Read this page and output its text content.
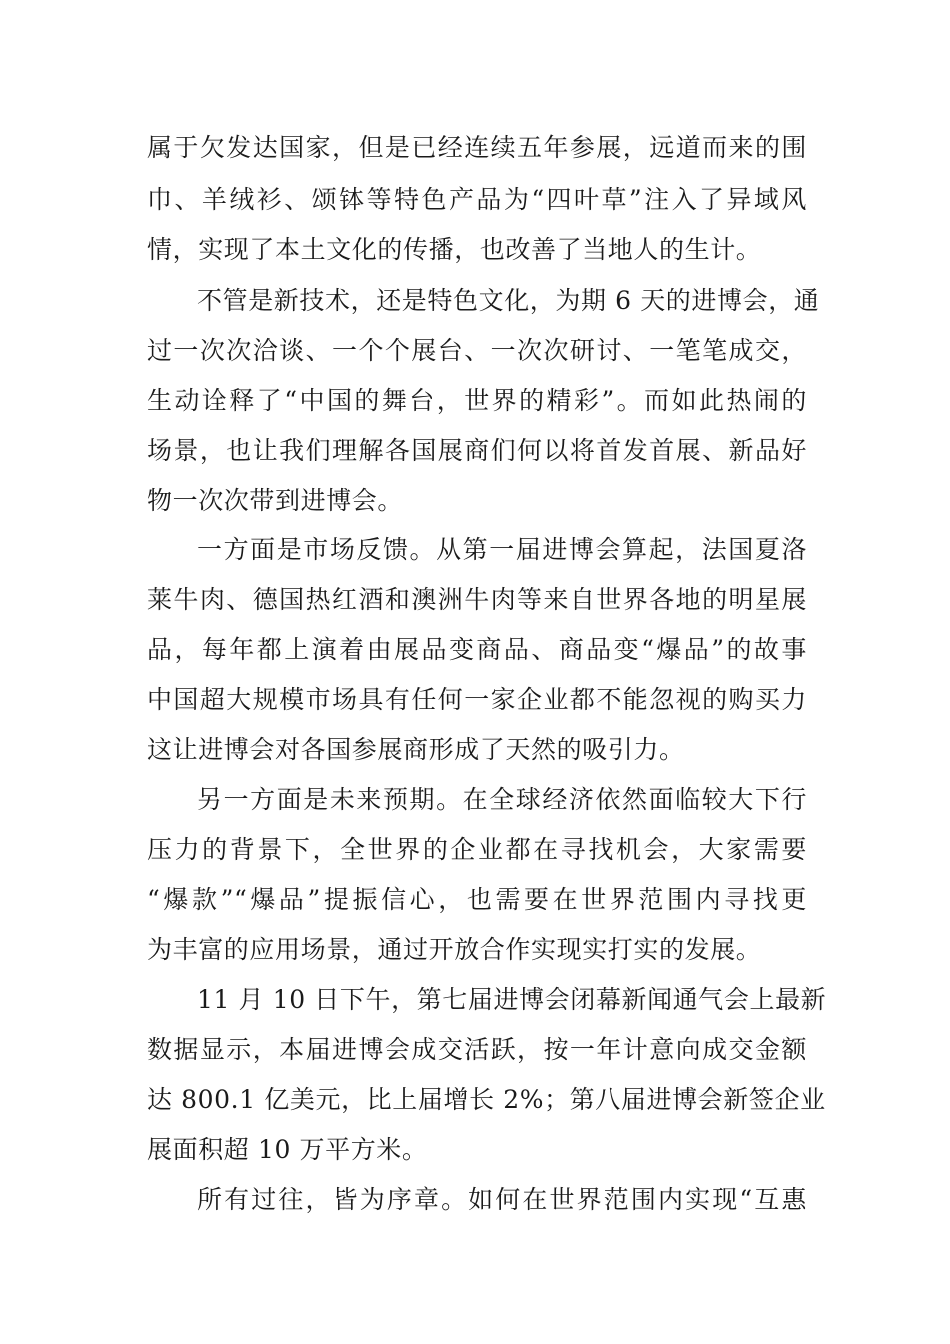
属于欠发达国家，但是已经连续五年参展，远道而来的围
巾、羊绒衫、颂钵等特色产品为“四叶草”注入了异域风
情，实现了本土文化的传播，也改善了当地人的生计。
不管是新技术，还是特色文化，为期 6 天的进博会，通
过一次次洽谈、一个个展台、一次次研讨、一笔笔成交，
生动诠释了“中国的舞台，世界的精彩”。而如此热闹的
场景，也让我们理解各国展商们何以将首发首展、新品好
物一次次带到进博会。
一方面是市场反馈。从第一届进博会算起，法国夏洛
莱牛肉、德国热红酒和澳洲牛肉等来自世界各地的明星展
品，每年都上演着由展品变商品、商品变“爆品”的故事
中国超大规模市场具有任何一家企业都不能忽视的购买力
这让进博会对各国参展商形成了天然的吸引力。
另一方面是未来预期。在全球经济依然面临较大下行
压力的背景下，全世界的企业都在寻找机会，大家需要
“爆款”“爆品”提振信心，也需要在世界范围内寻找更
为丰富的应用场景，通过开放合作实现实打实的发展。
11 月 10 日下午，第七届进博会闭幕新闻通气会上最新
数据显示，本届进博会成交活跃，按一年计意向成交金额
达 800.1 亿美元，比上届增长 2%；第八届进博会新签企业
展面积超 10 万平方米。
所有过往，皆为序章。如何在世界范围内实现“互惠
